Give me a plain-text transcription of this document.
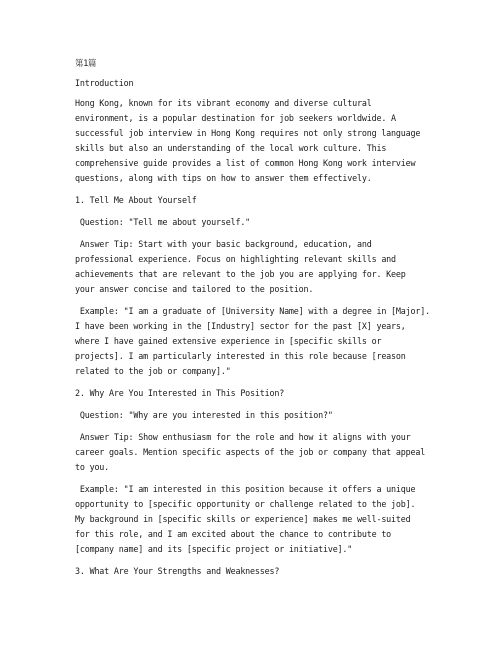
第1篇
Introduction
Hong Kong, known for its vibrant economy and diverse cultural
environment, is a popular destination for job seekers worldwide. A
successful job interview in Hong Kong requires not only strong language
skills but also an understanding of the local work culture. This
comprehensive guide provides a list of common Hong Kong work interview
questions, along with tips on how to answer them effectively.
1. Tell Me About Yourself
Question: "Tell me about yourself."
Answer Tip: Start with your basic background, education, and
professional experience. Focus on highlighting relevant skills and
achievements that are relevant to the job you are applying for. Keep
your answer concise and tailored to the position.
Example: "I am a graduate of [University Name] with a degree in [Major].
I have been working in the [Industry] sector for the past [X] years,
where I have gained extensive experience in [specific skills or
projects]. I am particularly interested in this role because [reason
related to the job or company]."
2. Why Are You Interested in This Position?
Question: "Why are you interested in this position?"
Answer Tip: Show enthusiasm for the role and how it aligns with your
career goals. Mention specific aspects of the job or company that appeal
to you.
Example: "I am interested in this position because it offers a unique
opportunity to [specific opportunity or challenge related to the job].
My background in [specific skills or experience] makes me well-suited
for this role, and I am excited about the chance to contribute to
[company name] and its [specific project or initiative]."
3. What Are Your Strengths and Weaknesses?
